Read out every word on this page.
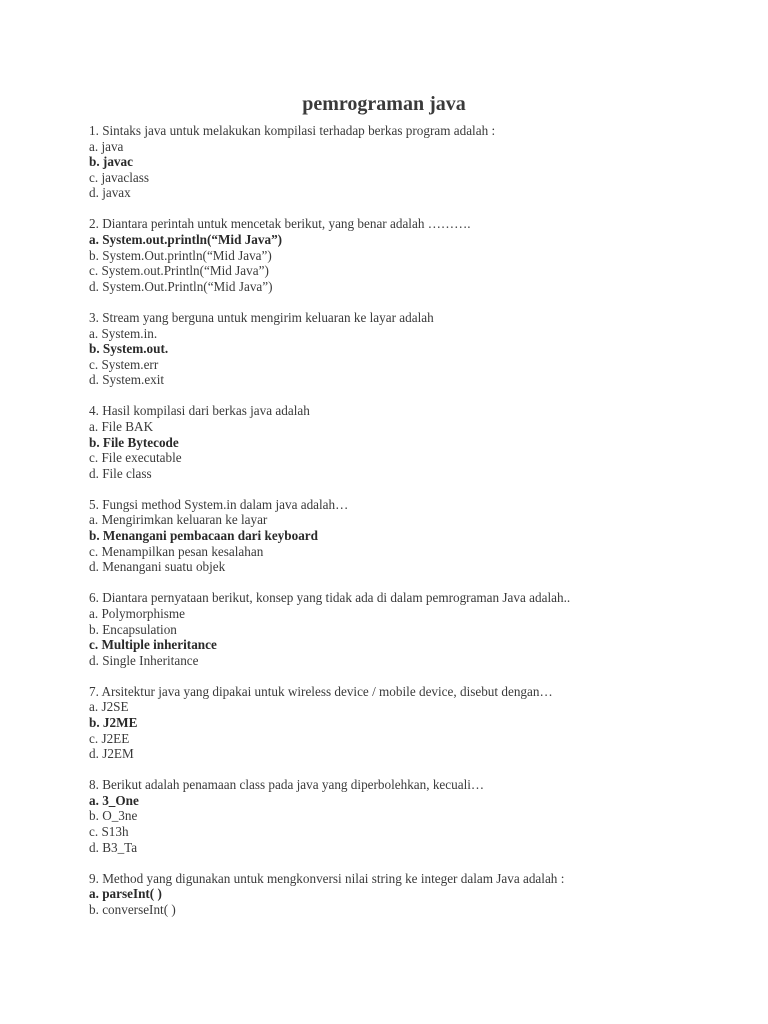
pemrograman java
1. Sintaks java untuk melakukan kompilasi terhadap berkas program adalah :
a. java
b. javac
c. javaclass
d. javax
2. Diantara perintah untuk mencetak berikut, yang benar adalah ……….
a. System.out.println(“Mid Java”)
b. System.Out.println(“Mid Java”)
c. System.out.Println(“Mid Java”)
d. System.Out.Println(“Mid Java”)
3. Stream yang berguna untuk mengirim keluaran ke layar adalah
a. System.in.
b. System.out.
c. System.err
d. System.exit
4. Hasil kompilasi dari berkas java adalah
a. File BAK
b. File Bytecode
c. File executable
d. File class
5. Fungsi method System.in dalam java adalah…
a. Mengirimkan keluaran ke layar
b. Menangani pembacaan dari keyboard
c. Menampilkan pesan kesalahan
d. Menangani suatu objek
6. Diantara pernyataan berikut, konsep yang tidak ada di dalam pemrograman Java adalah..
a. Polymorphisme
b. Encapsulation
c. Multiple inheritance
d. Single Inheritance
7. Arsitektur java yang dipakai untuk wireless device / mobile device, disebut dengan…
a. J2SE
b. J2ME
c. J2EE
d. J2EM
8. Berikut adalah penamaan class pada java yang diperbolehkan, kecuali…
a. 3_One
b. O_3ne
c. S13h
d. B3_Ta
9. Method yang digunakan untuk mengkonversi nilai string ke integer dalam Java adalah :
a. parseInt( )
b. converseInt( )
